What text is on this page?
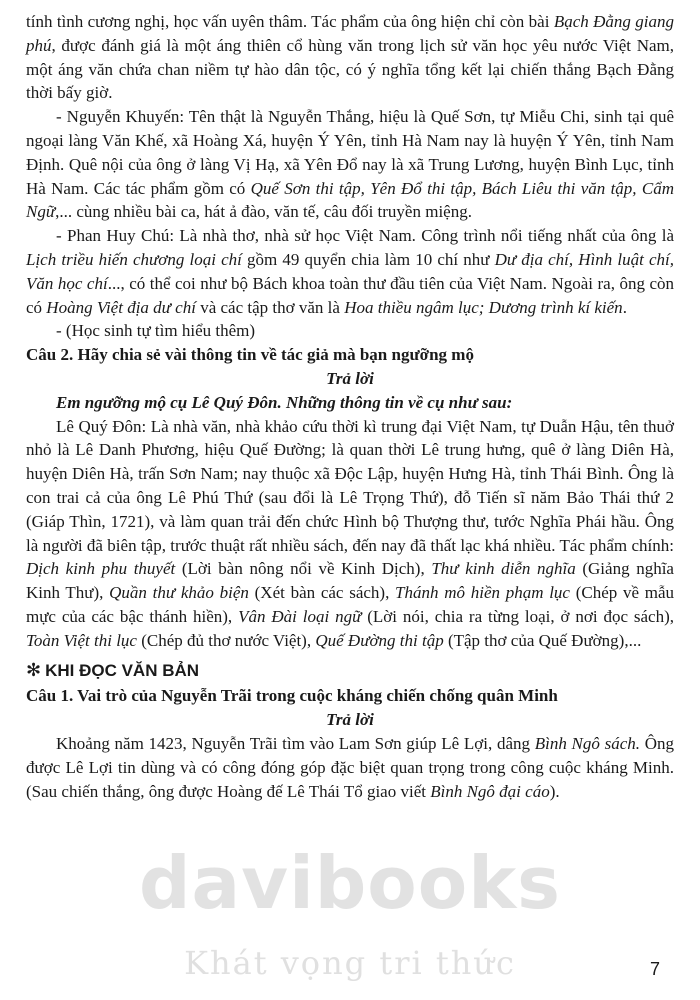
tính tình cương nghị, học vấn uyên thâm. Tác phẩm của ông hiện chỉ còn bài Bạch Đằng giang phú, được đánh giá là một áng thiên cổ hùng văn trong lịch sử văn học yêu nước Việt Nam, một áng văn chứa chan niềm tự hào dân tộc, có ý nghĩa tổng kết lại chiến thắng Bạch Đằng thời bấy giờ.

- Nguyễn Khuyến: Tên thật là Nguyễn Thắng, hiệu là Quế Sơn, tự Miễu Chi, sinh tại quê ngoại làng Văn Khế, xã Hoàng Xá, huyện Ý Yên, tỉnh Hà Nam nay là huyện Ý Yên, tỉnh Nam Định. Quê nội của ông ở làng Vị Hạ, xã Yên Đổ nay là xã Trung Lương, huyện Bình Lục, tỉnh Hà Nam. Các tác phẩm gồm có Quế Sơn thi tập, Yên Đổ thi tập, Bách Liêu thi văn tập, Cẩm Ngữ,... cùng nhiều bài ca, hát ả đào, văn tế, câu đối truyền miệng.

- Phan Huy Chú: Là nhà thơ, nhà sử học Việt Nam. Công trình nổi tiếng nhất của ông là Lịch triều hiến chương loại chí gồm 49 quyển chia làm 10 chí như Dư địa chí, Hình luật chí, Văn học chí..., có thể coi như bộ Bách khoa toàn thư đầu tiên của Việt Nam. Ngoài ra, ông còn có Hoàng Việt địa dư chí và các tập thơ văn là Hoa thiều ngâm lục; Dương trình kí kiến.

- (Học sinh tự tìm hiểu thêm)

Câu 2. Hãy chia sẻ vài thông tin về tác giả mà bạn ngưỡng mộ

Trả lời

Em ngưỡng mộ cụ Lê Quý Đôn. Những thông tin về cụ như sau:

Lê Quý Đôn: Là nhà văn, nhà khảo cứu thời kì trung đại Việt Nam, tự Duẫn Hậu, tên thuở nhỏ là Lê Danh Phương, hiệu Quế Đường; là quan thời Lê trung hưng, quê ở làng Diên Hà, huyện Diên Hà, trấn Sơn Nam; nay thuộc xã Độc Lập, huyện Hưng Hà, tỉnh Thái Bình. Ông là con trai cả của ông Lê Phú Thứ (sau đổi là Lê Trọng Thứ), đỗ Tiến sĩ năm Bảo Thái thứ 2 (Giáp Thìn, 1721), và làm quan trải đến chức Hình bộ Thượng thư, tước Nghĩa Phái hầu. Ông là người đã biên tập, trước thuật rất nhiều sách, đến nay đã thất lạc khá nhiều. Tác phẩm chính: Dịch kinh phu thuyết (Lời bàn nông nổi về Kinh Dịch), Thư kinh diễn nghĩa (Giảng nghĩa Kinh Thư), Quần thư khảo biện (Xét bàn các sách), Thánh mô hiền phạm lục (Chép về mẫu mực của các bậc thánh hiền), Vân Đài loại ngữ (Lời nói, chia ra từng loại, ở nơi đọc sách), Toàn Việt thi lục (Chép đủ thơ nước Việt), Quế Đường thi tập (Tập thơ của Quế Đường),...

✻ KHI ĐỌC VĂN BẢN

Câu 1. Vai trò của Nguyễn Trãi trong cuộc kháng chiến chống quân Minh

Trả lời

Khoảng năm 1423, Nguyễn Trãi tìm vào Lam Sơn giúp Lê Lợi, dâng Bình Ngô sách. Ông được Lê Lợi tin dùng và có công đóng góp đặc biệt quan trọng trong công cuộc kháng Minh. (Sau chiến thắng, ông được Hoàng đế Lê Thái Tổ giao viết Bình Ngô đại cáo).

davibooks
Khát vọng tri thức	7
